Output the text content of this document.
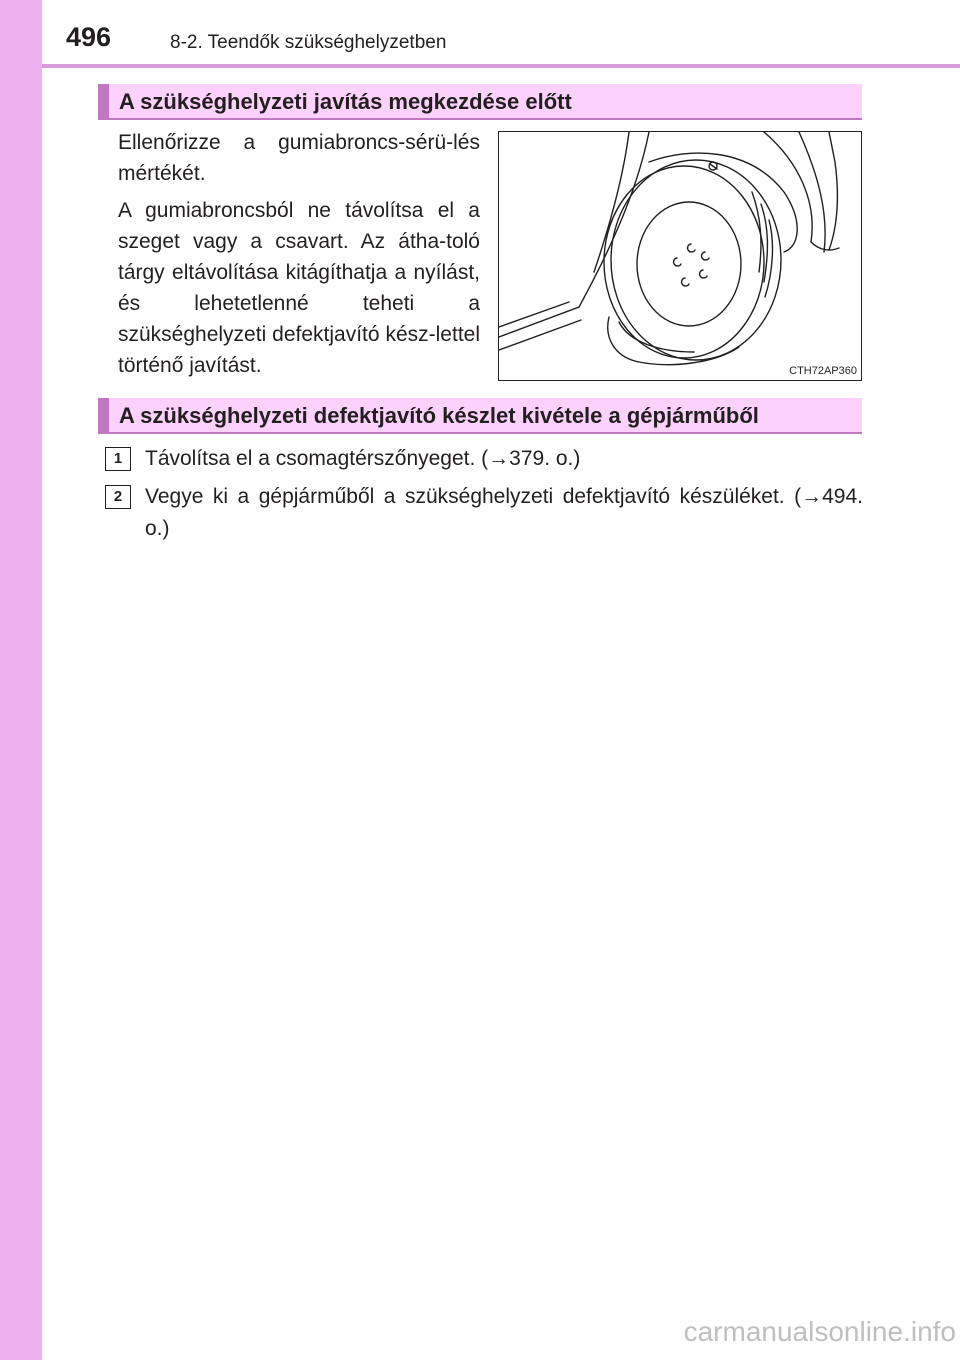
496	8-2. Teendők szükséghelyzetben
A szükséghelyzeti javítás megkezdése előtt
Ellenőrizze a gumiabroncs-sérü-lés mértékét.
A gumiabroncsból ne távolítsa el a szeget vagy a csavart. Az átha-toló tárgy eltávolítása kitágíthatja a nyílást, és lehetetlenné teheti a szükséghelyzeti defektjavító kész-lettel történő javítást.	CTH72AP360
A szükséghelyzeti defektjavító készlet kivétele a gépjárműből
1	Távolítsa el a csomagtérszőnyeget. (→379. o.)
2	Vegye ki a gépjárműből a szükséghelyzeti defektjavító készüléket. (→494. o.)
carmanualsonline.info
